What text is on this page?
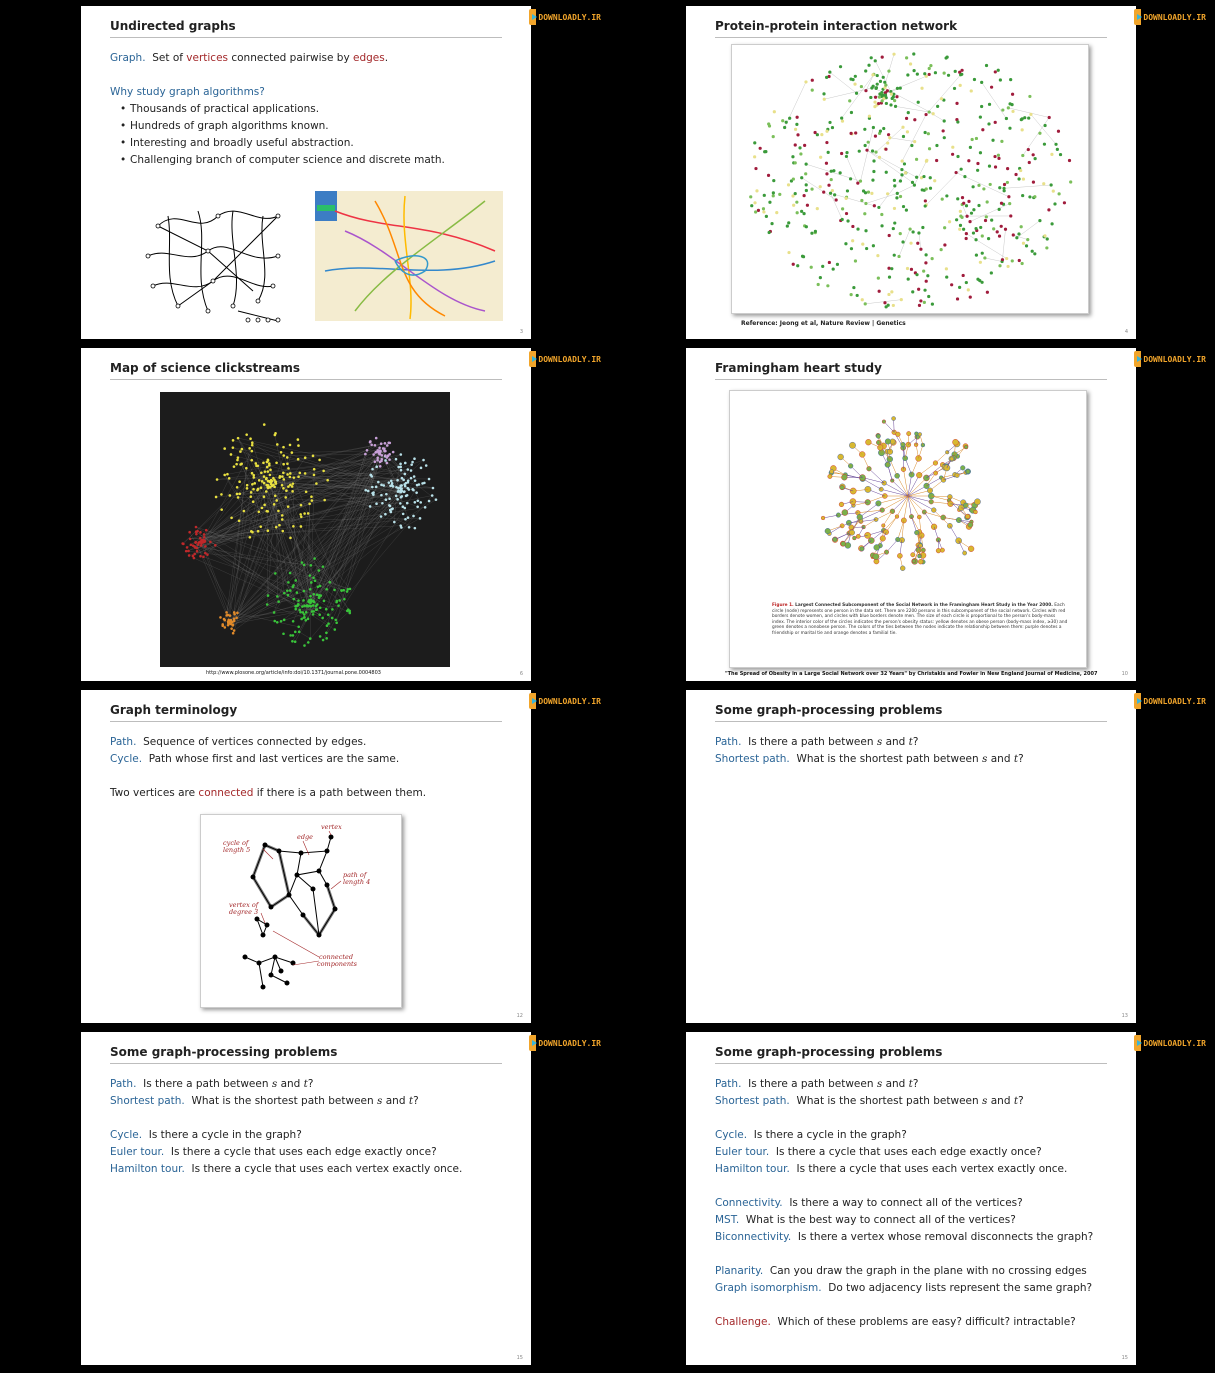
DOWNLOADLY.IR
Undirected graphs
Graph. Set of vertices connected pairwise by edges.
Why study graph algorithms?
• Thousands of practical applications.
• Hundreds of graph algorithms known.
• Interesting and broadly useful abstraction.
• Challenging branch of computer science and discrete math.
3
DOWNLOADLY.IR
Protein-protein interaction network
Reference: Jeong et al, Nature Review | Genetics
4
DOWNLOADLY.IR
Map of science clickstreams
http://www.plosone.org/article/info:doi/10.1371/journal.pone.0004803	6
DOWNLOADLY.IR
Framingham heart study
Figure 1. Largest Connected Subcomponent of the Social Network in the Framingham Heart Study in the Year 2000. Each circle (node) represents one person in the data set. There are 2200 persons in this subcomponent of the social network. Circles with red borders denote women, and circles with blue borders denote men. The size of each circle is proportional to the person's body-mass index. The interior color of the circles indicates the person's obesity status: yellow denotes an obese person (body-mass index, ≥30) and green denotes a nonobese person. The colors of the ties between the nodes indicate the relationship between them: purple denotes a friendship or marital tie and orange denotes a familial tie.
"The Spread of Obesity in a Large Social Network over 32 Years" by Christakis and Fowler in New England Journal of Medicine, 2007	10
DOWNLOADLY.IR
Graph terminology
Path. Sequence of vertices connected by edges.
Cycle. Path whose first and last vertices are the same.
Two vertices are connected if there is a path between them.
cycle of
length 5
edge
vertex
path of
length 4
vertex of
degree 3
connected
components
12
DOWNLOADLY.IR
Some graph-processing problems
Path. Is there a path between s and t?
Shortest path. What is the shortest path between s and t?
13
DOWNLOADLY.IR
Some graph-processing problems
Path. Is there a path between s and t?
Shortest path. What is the shortest path between s and t?
Cycle. Is there a cycle in the graph?
Euler tour. Is there a cycle that uses each edge exactly once?
Hamilton tour. Is there a cycle that uses each vertex exactly once.
15
DOWNLOADLY.IR
Some graph-processing problems
Path. Is there a path between s and t?
Shortest path. What is the shortest path between s and t?
Cycle. Is there a cycle in the graph?
Euler tour. Is there a cycle that uses each edge exactly once?
Hamilton tour. Is there a cycle that uses each vertex exactly once.
Connectivity. Is there a way to connect all of the vertices?
MST. What is the best way to connect all of the vertices?
Biconnectivity. Is there a vertex whose removal disconnects the graph?
Planarity. Can you draw the graph in the plane with no crossing edges
Graph isomorphism. Do two adjacency lists represent the same graph?
Challenge. Which of these problems are easy? difficult? intractable?
15
